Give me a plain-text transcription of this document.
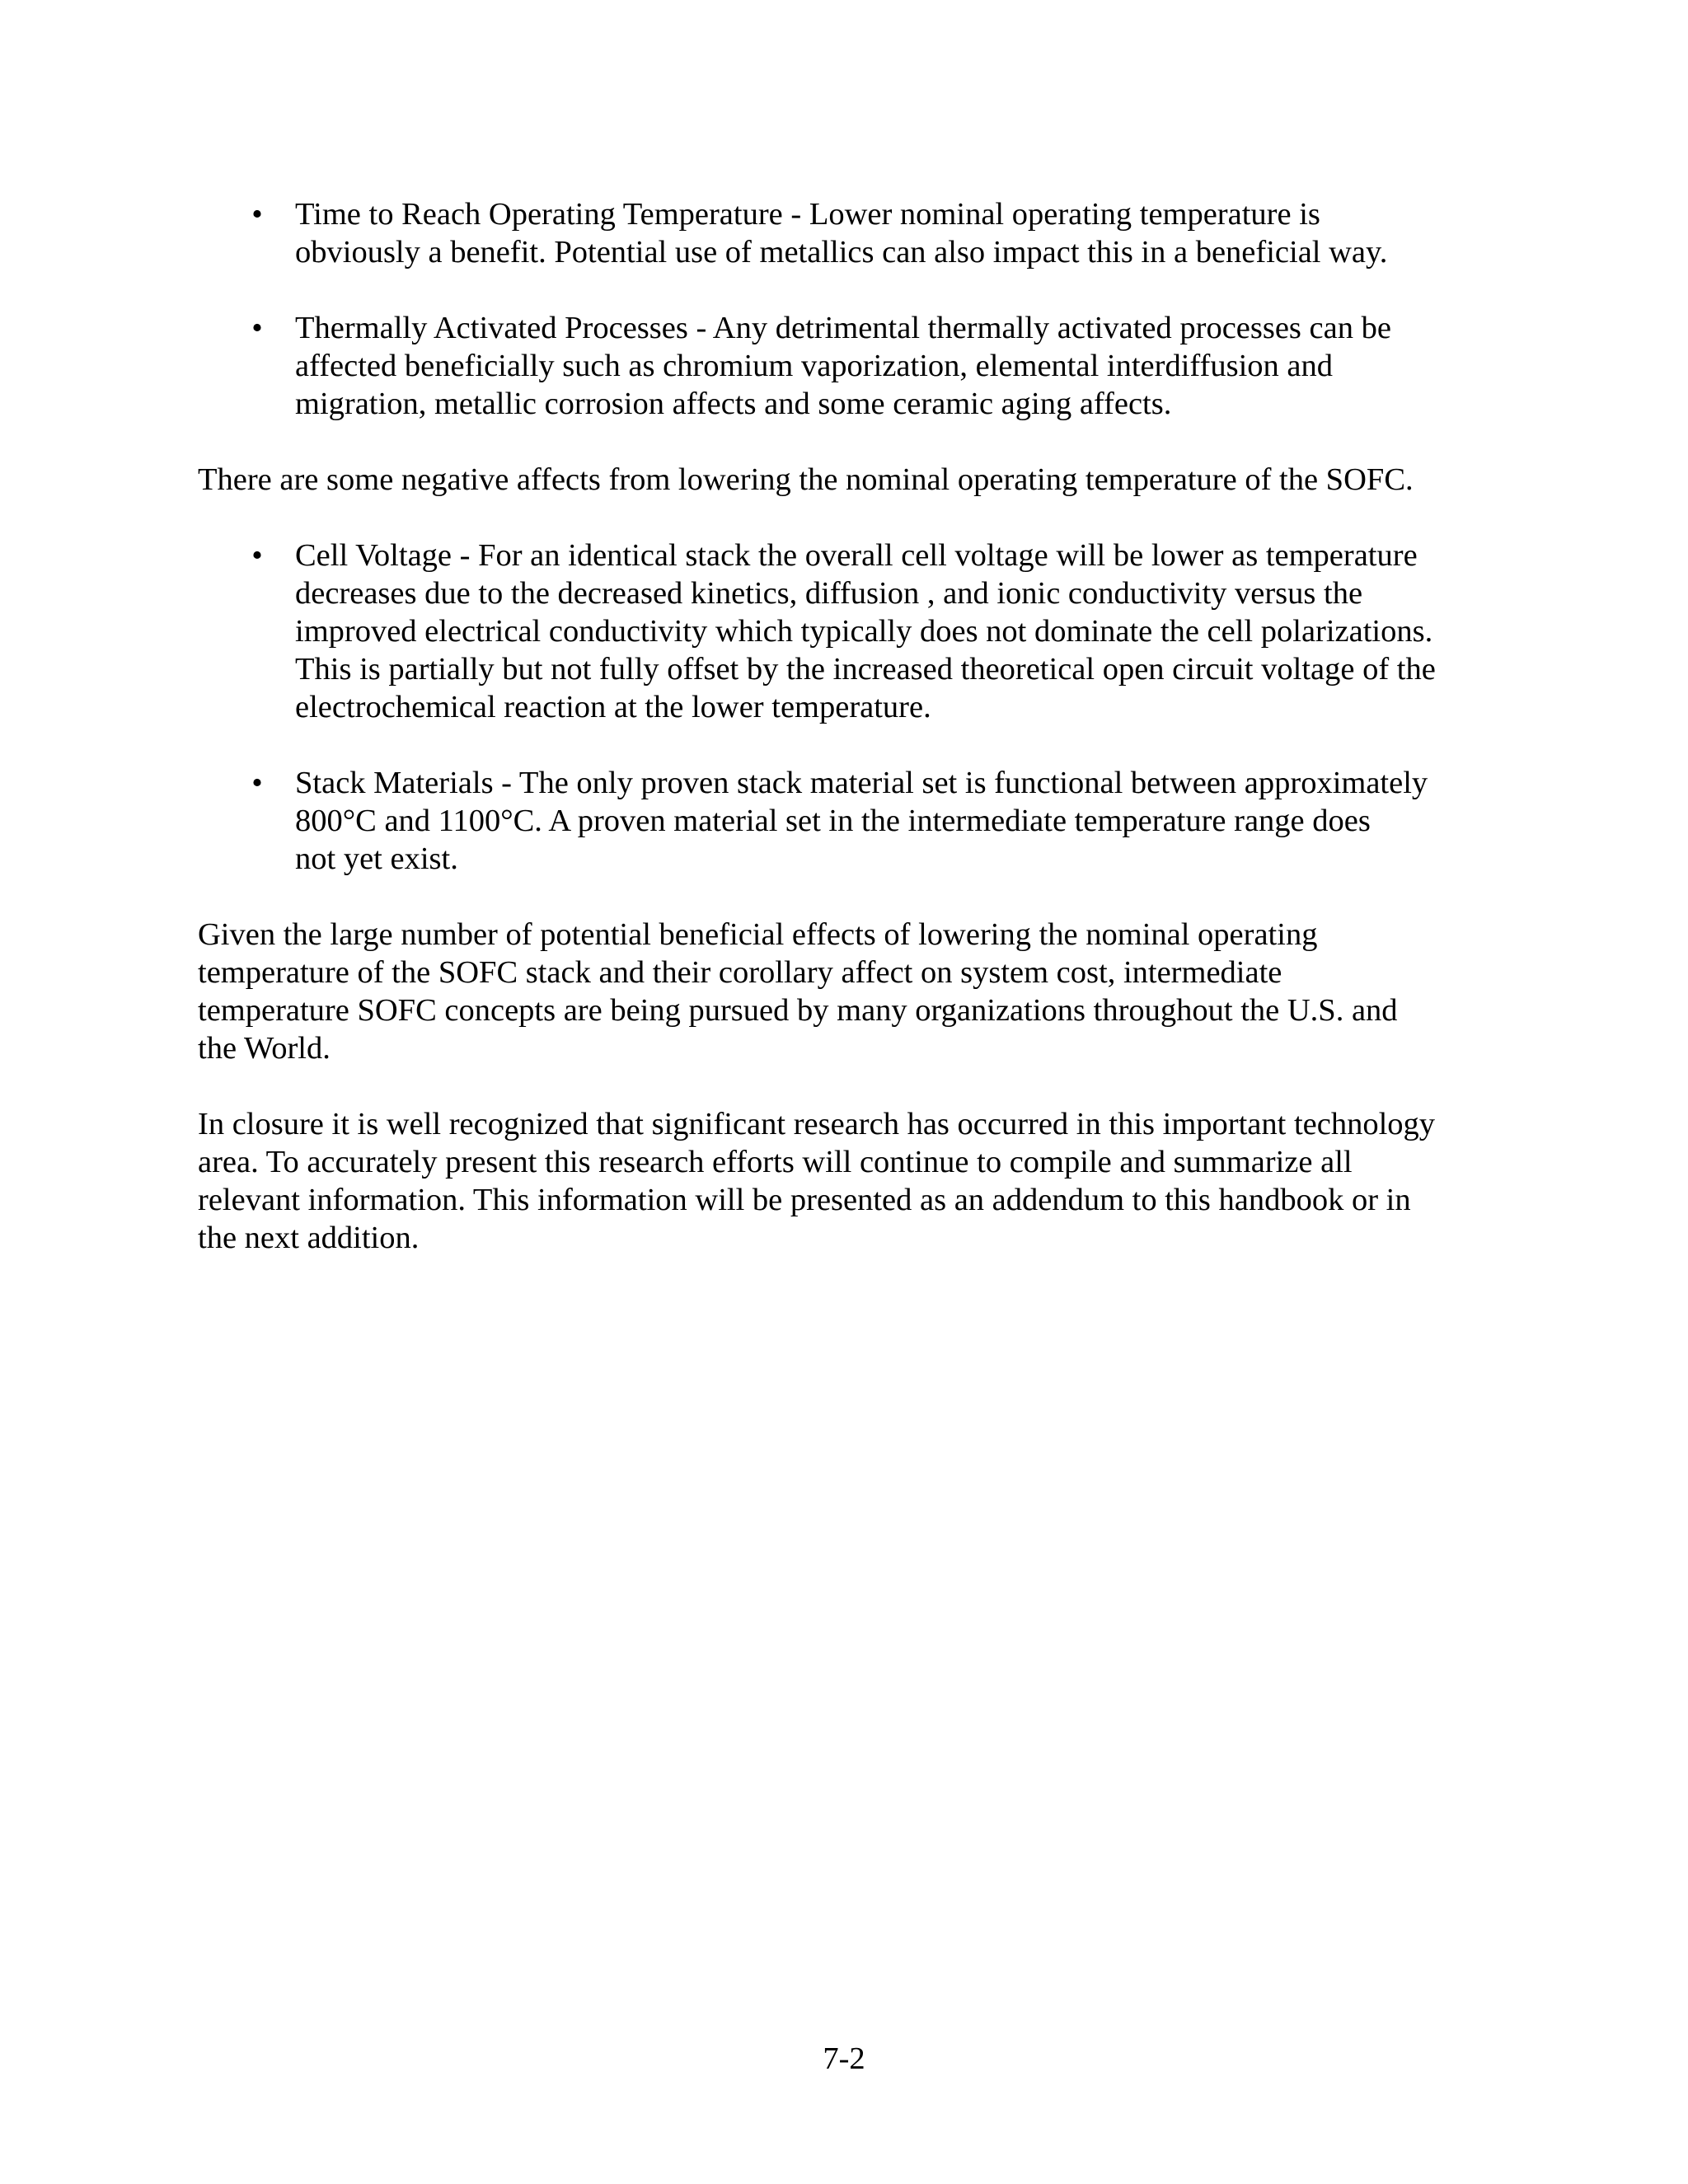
• Time to Reach Operating Temperature - Lower nominal operating temperature is
obviously a benefit. Potential use of metallics can also impact this in a beneficial way.
• Thermally Activated Processes - Any detrimental thermally activated processes can be
affected beneficially such as chromium vaporization, elemental interdiffusion and
migration, metallic corrosion affects and some ceramic aging affects.

There are some negative affects from lowering the nominal operating temperature of the SOFC.

• Cell Voltage - For an identical stack the overall cell voltage will be lower as temperature
decreases due to the decreased kinetics, diffusion , and ionic conductivity versus the
improved electrical conductivity which typically does not dominate the cell polarizations.
This is partially but not fully offset by the increased theoretical open circuit voltage of the
electrochemical reaction at the lower temperature.
• Stack Materials - The only proven stack material set is functional between approximately
800°C and 1100°C. A proven material set in the intermediate temperature range does
not yet exist.
Given the large number of potential beneficial effects of lowering the nominal operating
temperature of the SOFC stack and their corollary affect on system cost, intermediate
temperature SOFC concepts are being pursued by many organizations throughout the U.S. and
the World.
In closure it is well recognized that significant research has occurred in this important technology
area. To accurately present this research efforts will continue to compile and summarize all
relevant information. This information will be presented as an addendum to this handbook or in
the next addition.
7-2
